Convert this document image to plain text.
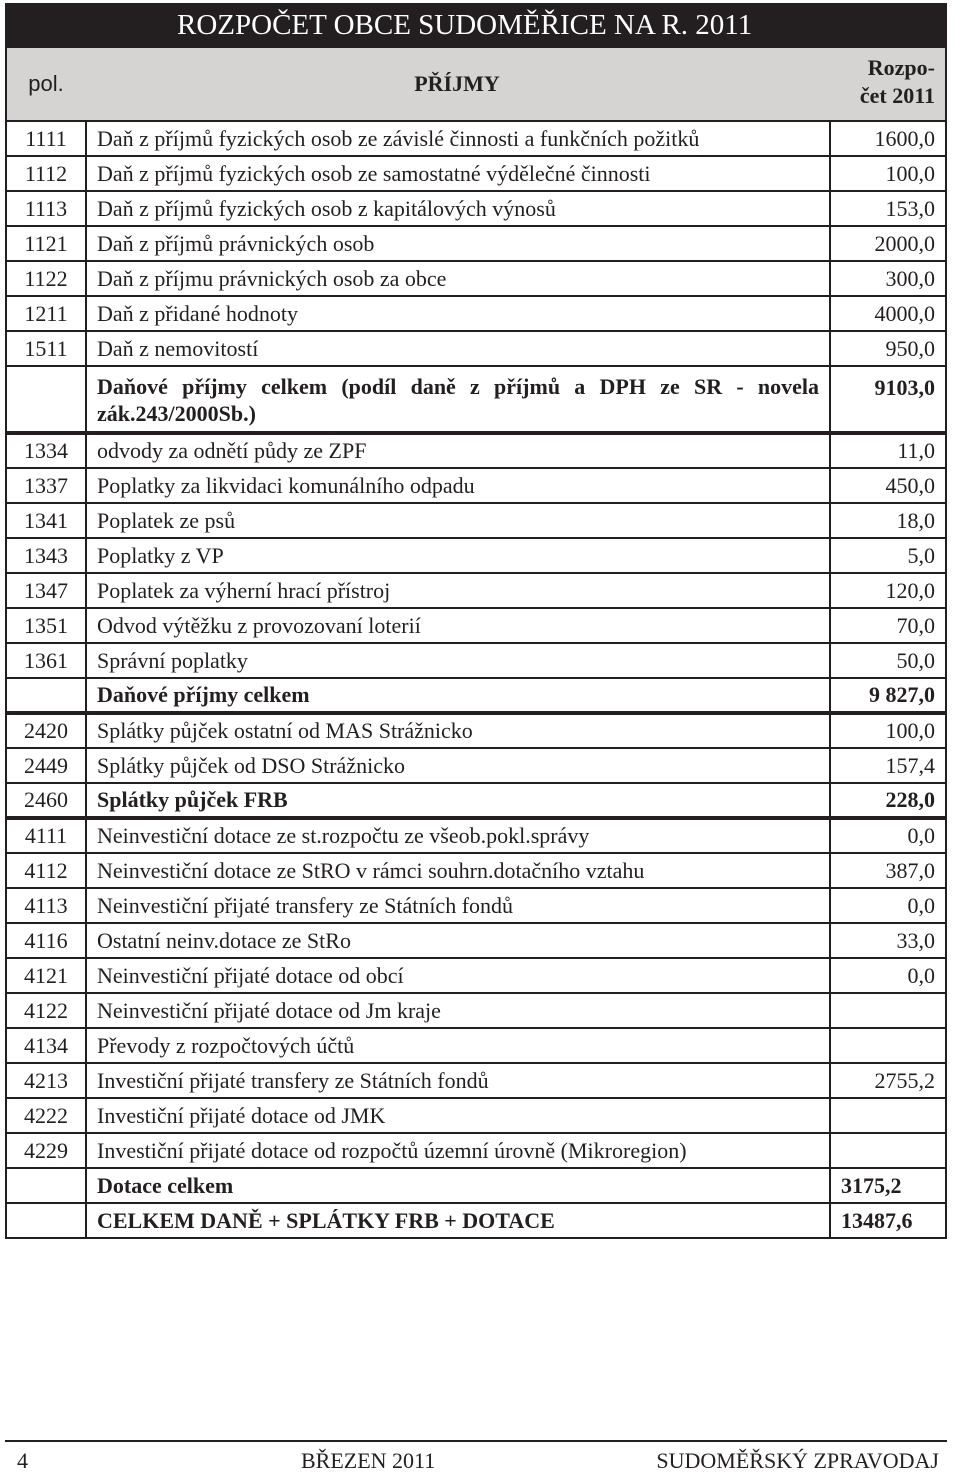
ROZPOČET OBCE SUDOMĚŘICE NA R. 2011
pol.	PŘÍJMY
Rozpo-
čet 2011
1111	Daň z příjmů fyzických osob ze závislé činnosti a funkčních požitků	1600,0
1112	Daň z příjmů fyzických osob ze samostatné výdělečné činnosti	100,0
1113	Daň z příjmů fyzických osob z kapitálových výnosů	153,0
1121	Daň z příjmů právnických osob	2000,0
1122	Daň z příjmu právnických osob za obce	300,0
1211	Daň z přidané hodnoty	4000,0
1511	Daň z nemovitostí	950,0
	Daňové příjmy celkem (podíl daně z příjmů a DPH ze SR - novela zák.243/2000Sb.)	9103,0
1334	odvody za odnětí půdy ze ZPF	11,0
1337	Poplatky za likvidaci komunálního odpadu	450,0
1341	Poplatek ze psů	18,0
1343	Poplatky z VP	5,0
1347	Poplatek za výherní hrací přístroj	120,0
1351	Odvod výtěžku z provozovaní loterií	70,0
1361	Správní poplatky	50,0
	Daňové příjmy celkem	9 827,0
2420	Splátky půjček ostatní od MAS Strážnicko	100,0
2449	Splátky půjček od DSO Strážnicko	157,4
2460	Splátky půjček FRB	228,0
4111	Neinvestiční dotace ze st.rozpočtu ze všeob.pokl.správy	0,0
4112	Neinvestiční dotace ze StRO v rámci souhrn.dotačního vztahu	387,0
4113	Neinvestiční přijaté transfery ze Státních fondů	0,0
4116	Ostatní neinv.dotace ze StRo	33,0
4121	Neinvestiční přijaté dotace od obcí	0,0
4122	Neinvestiční přijaté dotace od Jm kraje	
4134	Převody z rozpočtových účtů	
4213	Investiční přijaté transfery ze Státních fondů	2755,2
4222	Investiční přijaté dotace od JMK	
4229	Investiční přijaté dotace od rozpočtů územní úrovně (Mikroregion)	
	Dotace celkem	3175,2
	CELKEM DANĚ + SPLÁTKY FRB + DOTACE	13487,6
4	BŘEZEN 2011	SUDOMĚŘSKÝ ZPRAVODAJ
